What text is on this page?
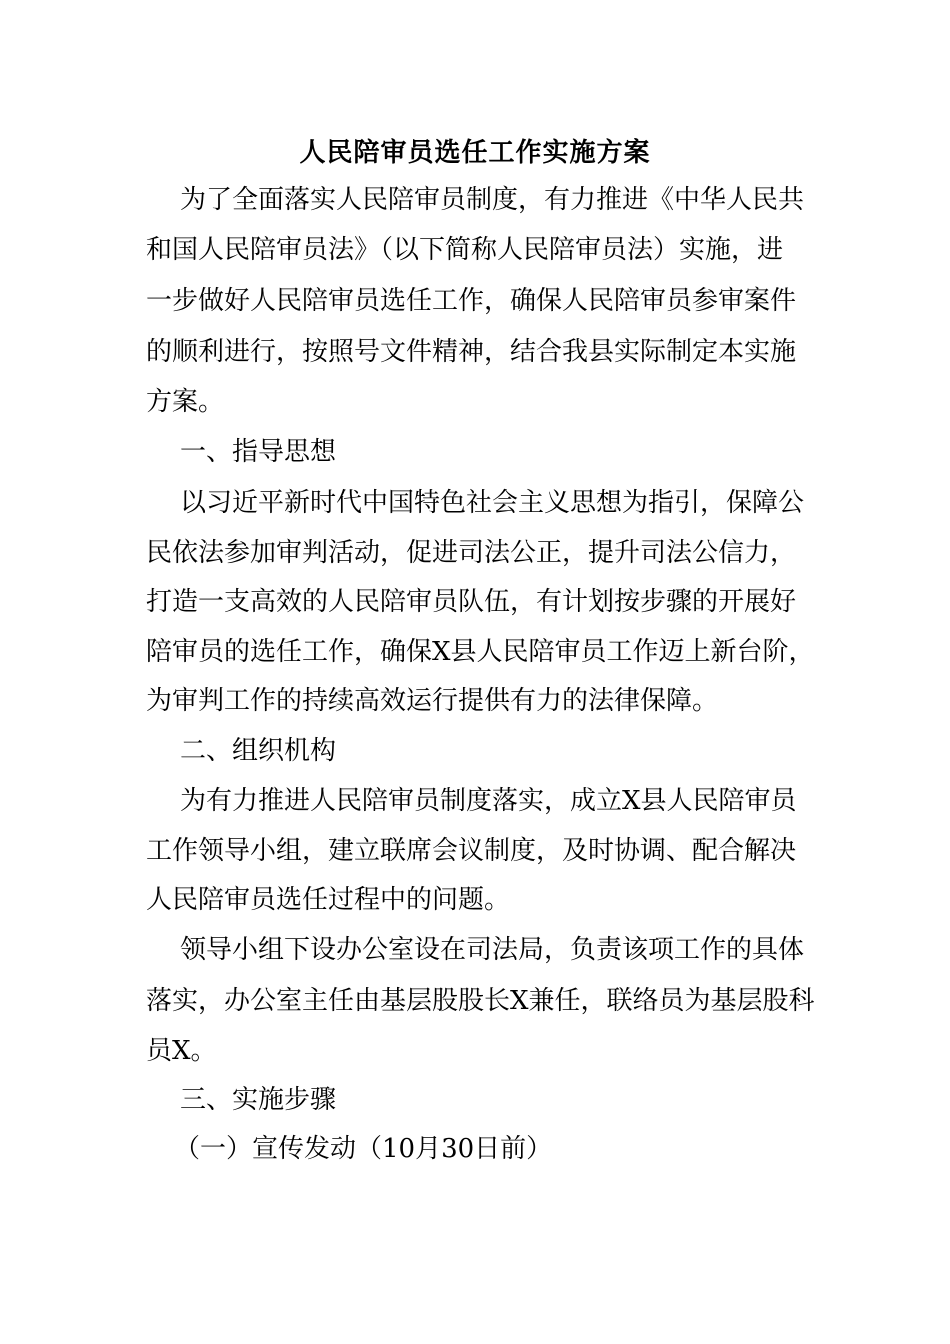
人民陪审员选任工作实施方案
为了全面落实人民陪审员制度，有力推进《中华人民共
和国人民陪审员法》（以下简称人民陪审员法）实施，进
一步做好人民陪审员选任工作，确保人民陪审员参审案件
的顺利进行，按照号文件精神，结合我县实际制定本实施
方案。
一、指导思想
以习近平新时代中国特色社会主义思想为指引，保障公
民依法参加审判活动，促进司法公正，提升司法公信力，
打造一支高效的人民陪审员队伍，有计划按步骤的开展好
陪审员的选任工作，确保X县人民陪审员工作迈上新台阶，
为审判工作的持续高效运行提供有力的法律保障。
二、组织机构
为有力推进人民陪审员制度落实，成立X县人民陪审员
工作领导小组，建立联席会议制度，及时协调、配合解决
人民陪审员选任过程中的问题。
领导小组下设办公室设在司法局，负责该项工作的具体
落实，办公室主任由基层股股长X兼任，联络员为基层股科
员X。
三、实施步骤
（一）宣传发动（10月30日前）
